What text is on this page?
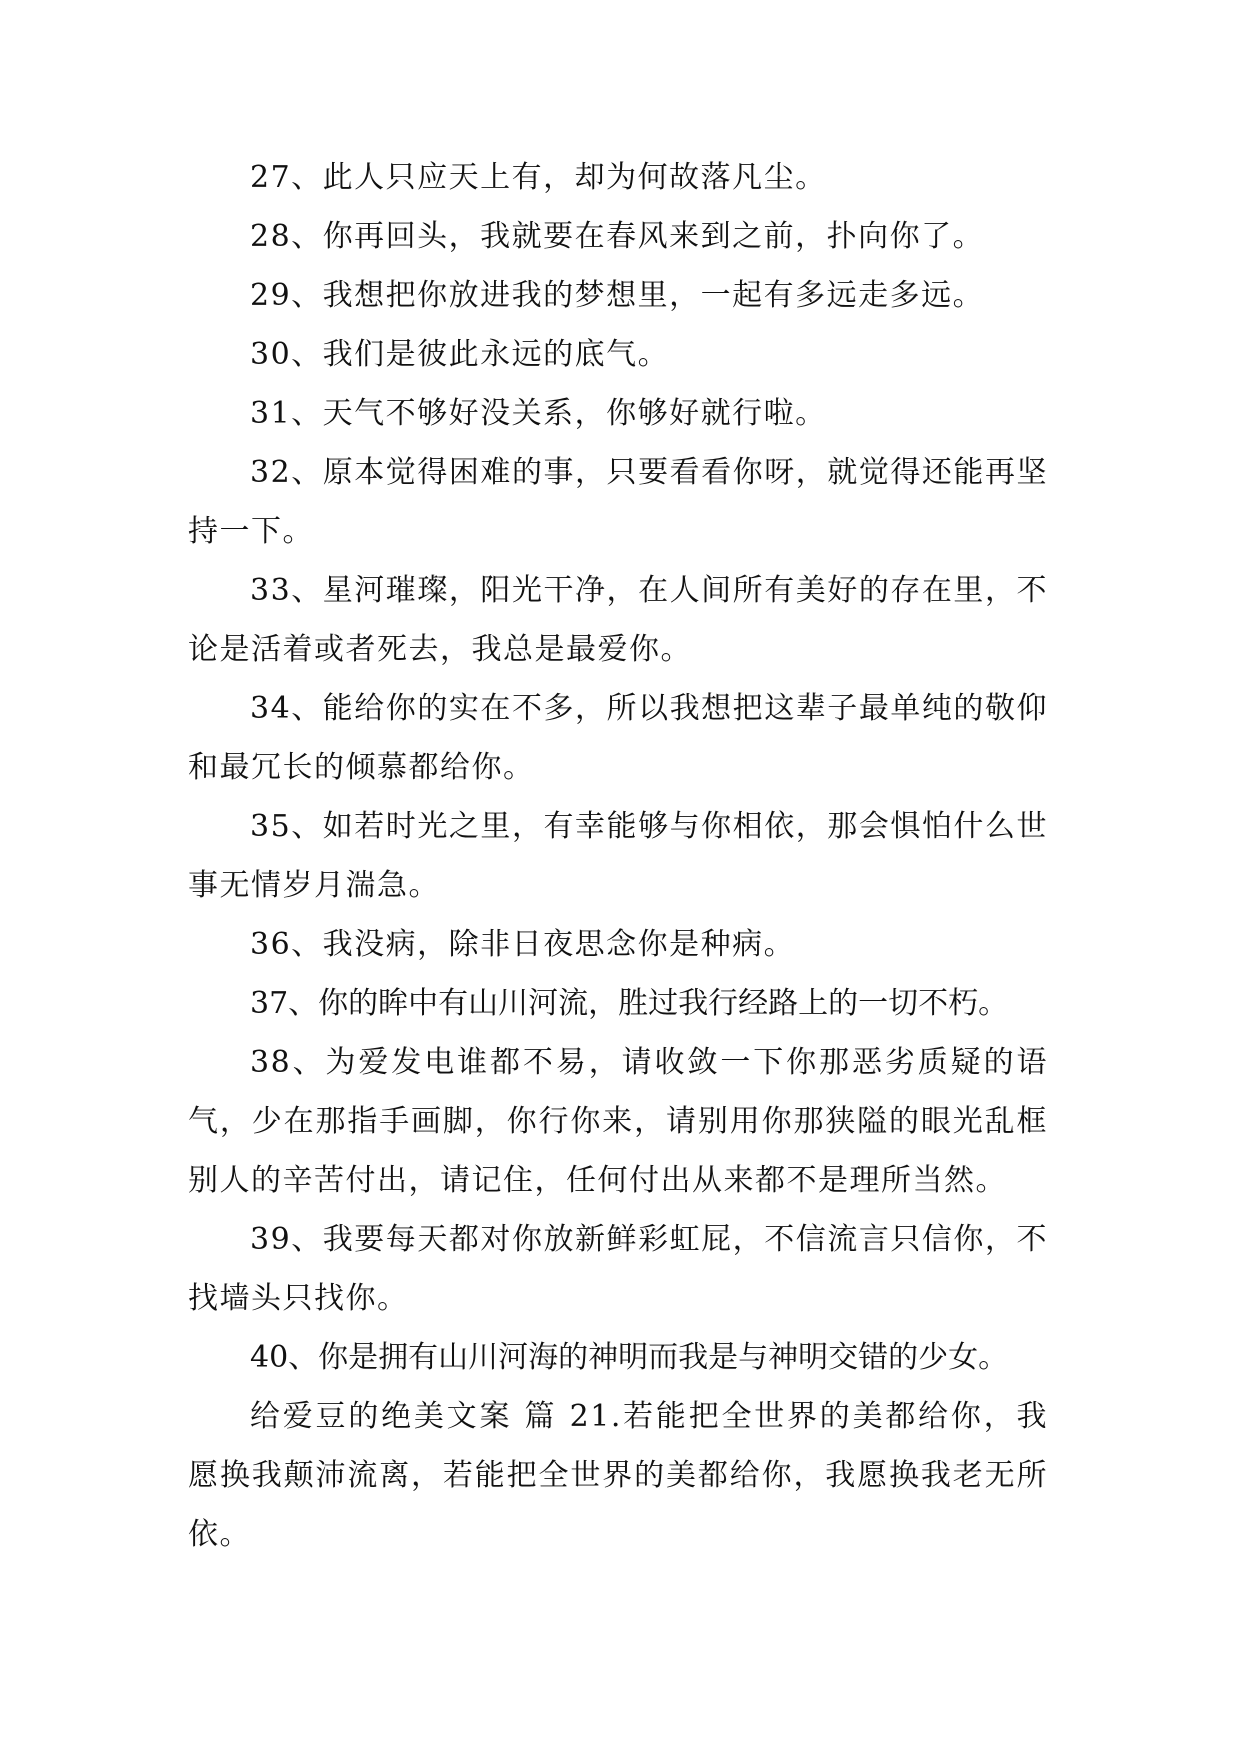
27、此人只应天上有，却为何故落凡尘。

28、你再回头，我就要在春风来到之前，扑向你了。

29、我想把你放进我的梦想里，一起有多远走多远。

30、我们是彼此永远的底气。

31、天气不够好没关系，你够好就行啦。

32、原本觉得困难的事，只要看看你呀，就觉得还能再坚持一下。

33、星河璀璨，阳光干净，在人间所有美好的存在里，不论是活着或者死去，我总是最爱你。

34、能给你的实在不多，所以我想把这辈子最单纯的敬仰和最冗长的倾慕都给你。

35、如若时光之里，有幸能够与你相依，那会惧怕什么世事无情岁月湍急。

36、我没病，除非日夜思念你是种病。

37、你的眸中有山川河流，胜过我行经路上的一切不朽。

38、为爱发电谁都不易，请收敛一下你那恶劣质疑的语气，少在那指手画脚，你行你来，请别用你那狭隘的眼光乱框别人的辛苦付出，请记住，任何付出从来都不是理所当然。

39、我要每天都对你放新鲜彩虹屁，不信流言只信你，不找墙头只找你。

40、你是拥有山川河海的神明而我是与神明交错的少女。

给爱豆的绝美文案 篇 21.若能把全世界的美都给你，我愿换我颠沛流离，若能把全世界的美都给你，我愿换我老无所依。
